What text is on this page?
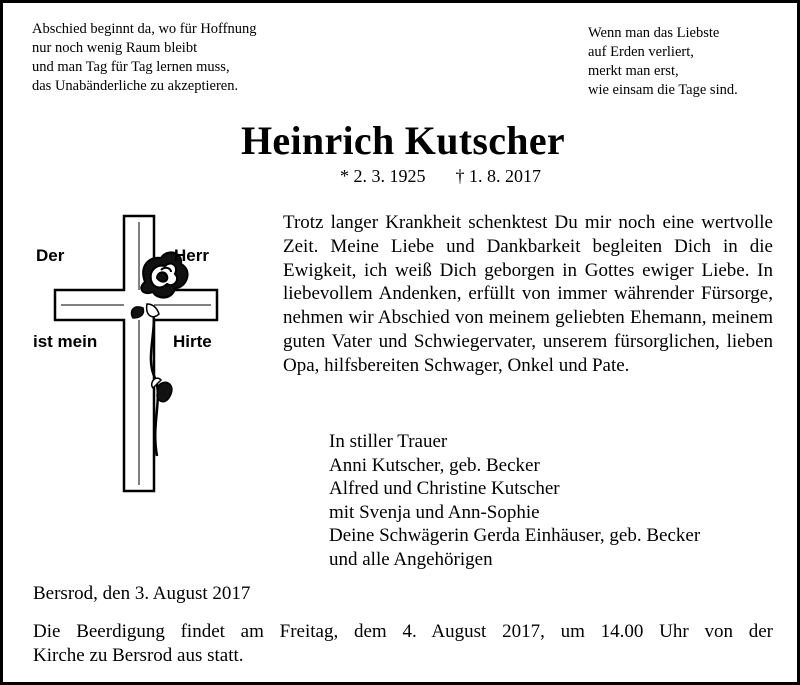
Abschied beginnt da, wo für Hoffnung
nur noch wenig Raum bleibt
und man Tag für Tag lernen muss,
das Unabänderliche zu akzeptieren.
Wenn man das Liebste
auf Erden verliert,
merkt man erst,
wie einsam die Tage sind.
Heinrich Kutscher
* 2. 3. 1925 † 1. 8. 2017
Der	Herr
ist mein	Hirte
Trotz langer Krankheit schenktest Du mir noch eine wertvolle Zeit. Meine Liebe und Dankbarkeit begleiten Dich in die Ewigkeit, ich weiß Dich geborgen in Gottes ewiger Liebe. In liebevollem Andenken, erfüllt von immer währender Fürsorge, nehmen wir Abschied von meinem geliebten Ehemann, meinem guten Vater und Schwiegervater, unserem fürsorglichen, lieben Opa, hilfsbereiten Schwager, Onkel und Pate.
In stiller Trauer
Anni Kutscher, geb. Becker
Alfred und Christine Kutscher
mit Svenja und Ann-Sophie
Deine Schwägerin Gerda Einhäuser, geb. Becker
und alle Angehörigen
Bersrod, den 3. August 2017
Die Beerdigung findet am Freitag, dem 4. August 2017, um 14.00 Uhr von der
Kirche zu Bersrod aus statt.
